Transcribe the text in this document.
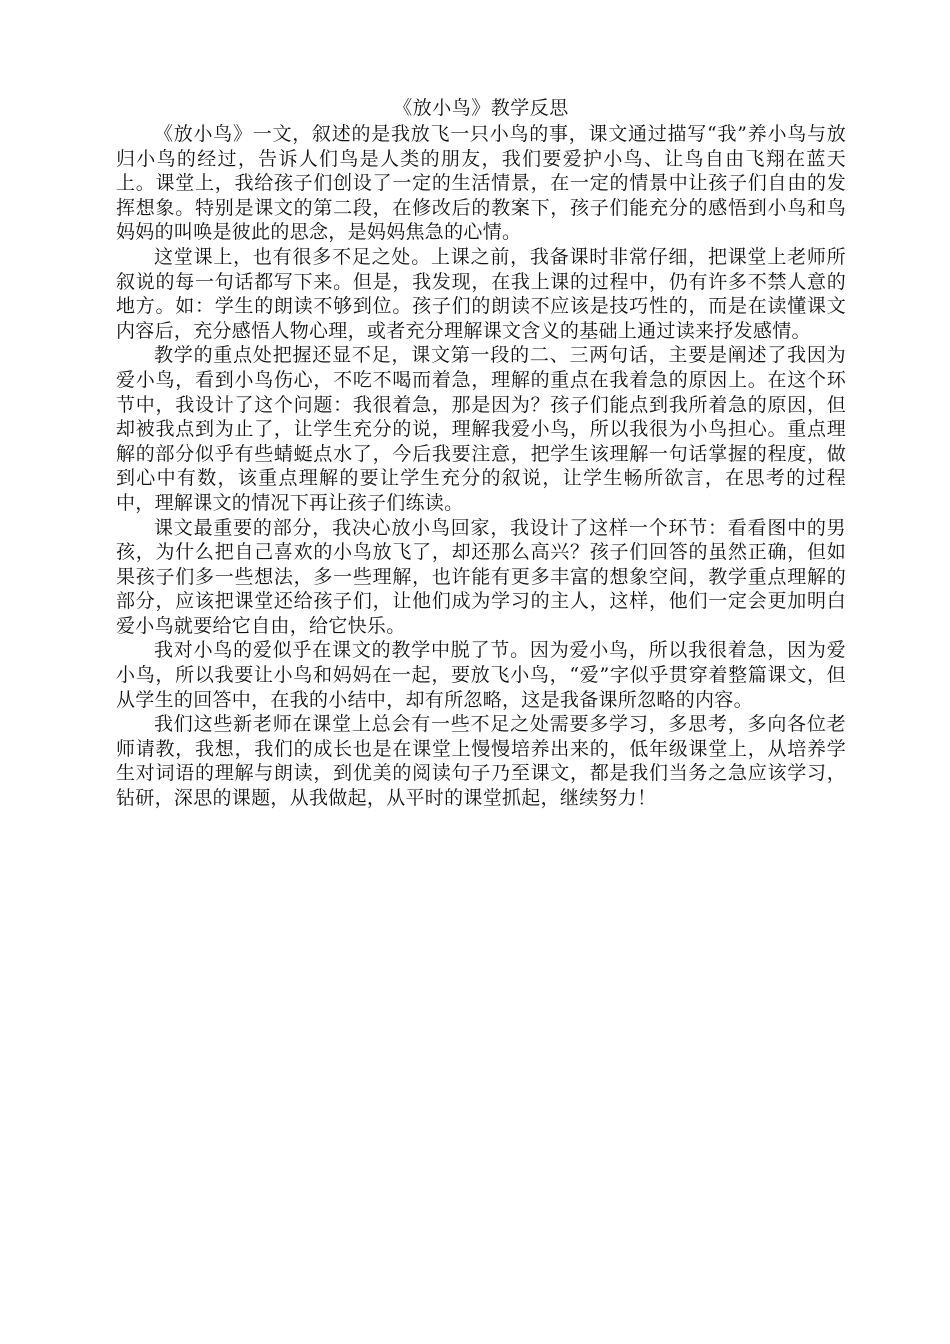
《放小鸟》教学反思

《放小鸟》一文，叙述的是我放飞一只小鸟的事，课文通过描写“我”养小鸟与放归小鸟的经过，告诉人们鸟是人类的朋友，我们要爱护小鸟、让鸟自由飞翔在蓝天上。课堂上，我给孩子们创设了一定的生活情景，在一定的情景中让孩子们自由的发挥想象。特别是课文的第二段，在修改后的教案下，孩子们能充分的感悟到小鸟和鸟妈妈的叫唤是彼此的思念，是妈妈焦急的心情。

这堂课上，也有很多不足之处。上课之前，我备课时非常仔细，把课堂上老师所叙说的每一句话都写下来。但是，我发现，在我上课的过程中，仍有许多不禁人意的地方。如：学生的朗读不够到位。孩子们的朗读不应该是技巧性的，而是在读懂课文内容后，充分感悟人物心理，或者充分理解课文含义的基础上通过读来抒发感情。

教学的重点处把握还显不足，课文第一段的二、三两句话，主要是阐述了我因为爱小鸟，看到小鸟伤心，不吃不喝而着急，理解的重点在我着急的原因上。在这个环节中，我设计了这个问题：我很着急，那是因为？孩子们能点到我所着急的原因，但却被我点到为止了，让学生充分的说，理解我爱小鸟，所以我很为小鸟担心。重点理解的部分似乎有些蜻蜓点水了，今后我要注意，把学生该理解一句话掌握的程度，做到心中有数，该重点理解的要让学生充分的叙说，让学生畅所欲言，在思考的过程中，理解课文的情况下再让孩子们练读。

课文最重要的部分，我决心放小鸟回家，我设计了这样一个环节：看看图中的男孩，为什么把自己喜欢的小鸟放飞了，却还那么高兴？孩子们回答的虽然正确，但如果孩子们多一些想法，多一些理解，也许能有更多丰富的想象空间，教学重点理解的部分，应该把课堂还给孩子们，让他们成为学习的主人，这样，他们一定会更加明白爱小鸟就要给它自由，给它快乐。

我对小鸟的爱似乎在课文的教学中脱了节。因为爱小鸟，所以我很着急，因为爱小鸟，所以我要让小鸟和妈妈在一起，要放飞小鸟，“爱”字似乎贯穿着整篇课文，但从学生的回答中，在我的小结中，却有所忽略，这是我备课所忽略的内容。

我们这些新老师在课堂上总会有一些不足之处需要多学习，多思考，多向各位老师请教，我想，我们的成长也是在课堂上慢慢培养出来的，低年级课堂上，从培养学生对词语的理解与朗读，到优美的阅读句子乃至课文，都是我们当务之急应该学习，钻研，深思的课题，从我做起，从平时的课堂抓起，继续努力！
